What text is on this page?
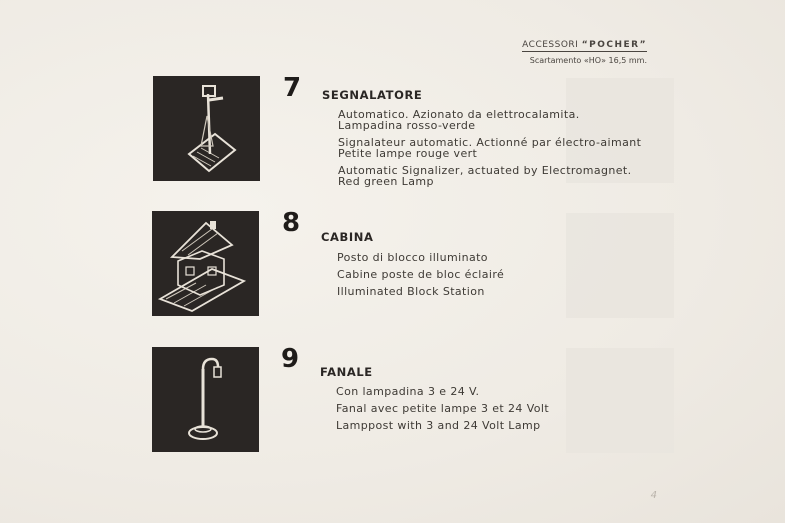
ACCESSORI “POCHER”
Scartamento «HO» 16,5 mm.
7 SEGNALATORE

Automatico. Azionato da elettrocalamita. Lampadina rosso-verde

Signalateur automatic. Actionné par électro-aimant Petite lampe rouge vert

Automatic Signalizer, actuated by Electromagnet. Red green Lamp

8 CABINA

Posto di blocco illuminato

Cabine poste de bloc éclairé

Illuminated Block Station

9 FANALE

Con lampadina 3 e 24 V.

Fanal avec petite lampe 3 et 24 Volt

Lamppost with 3 and 24 Volt Lamp

4
